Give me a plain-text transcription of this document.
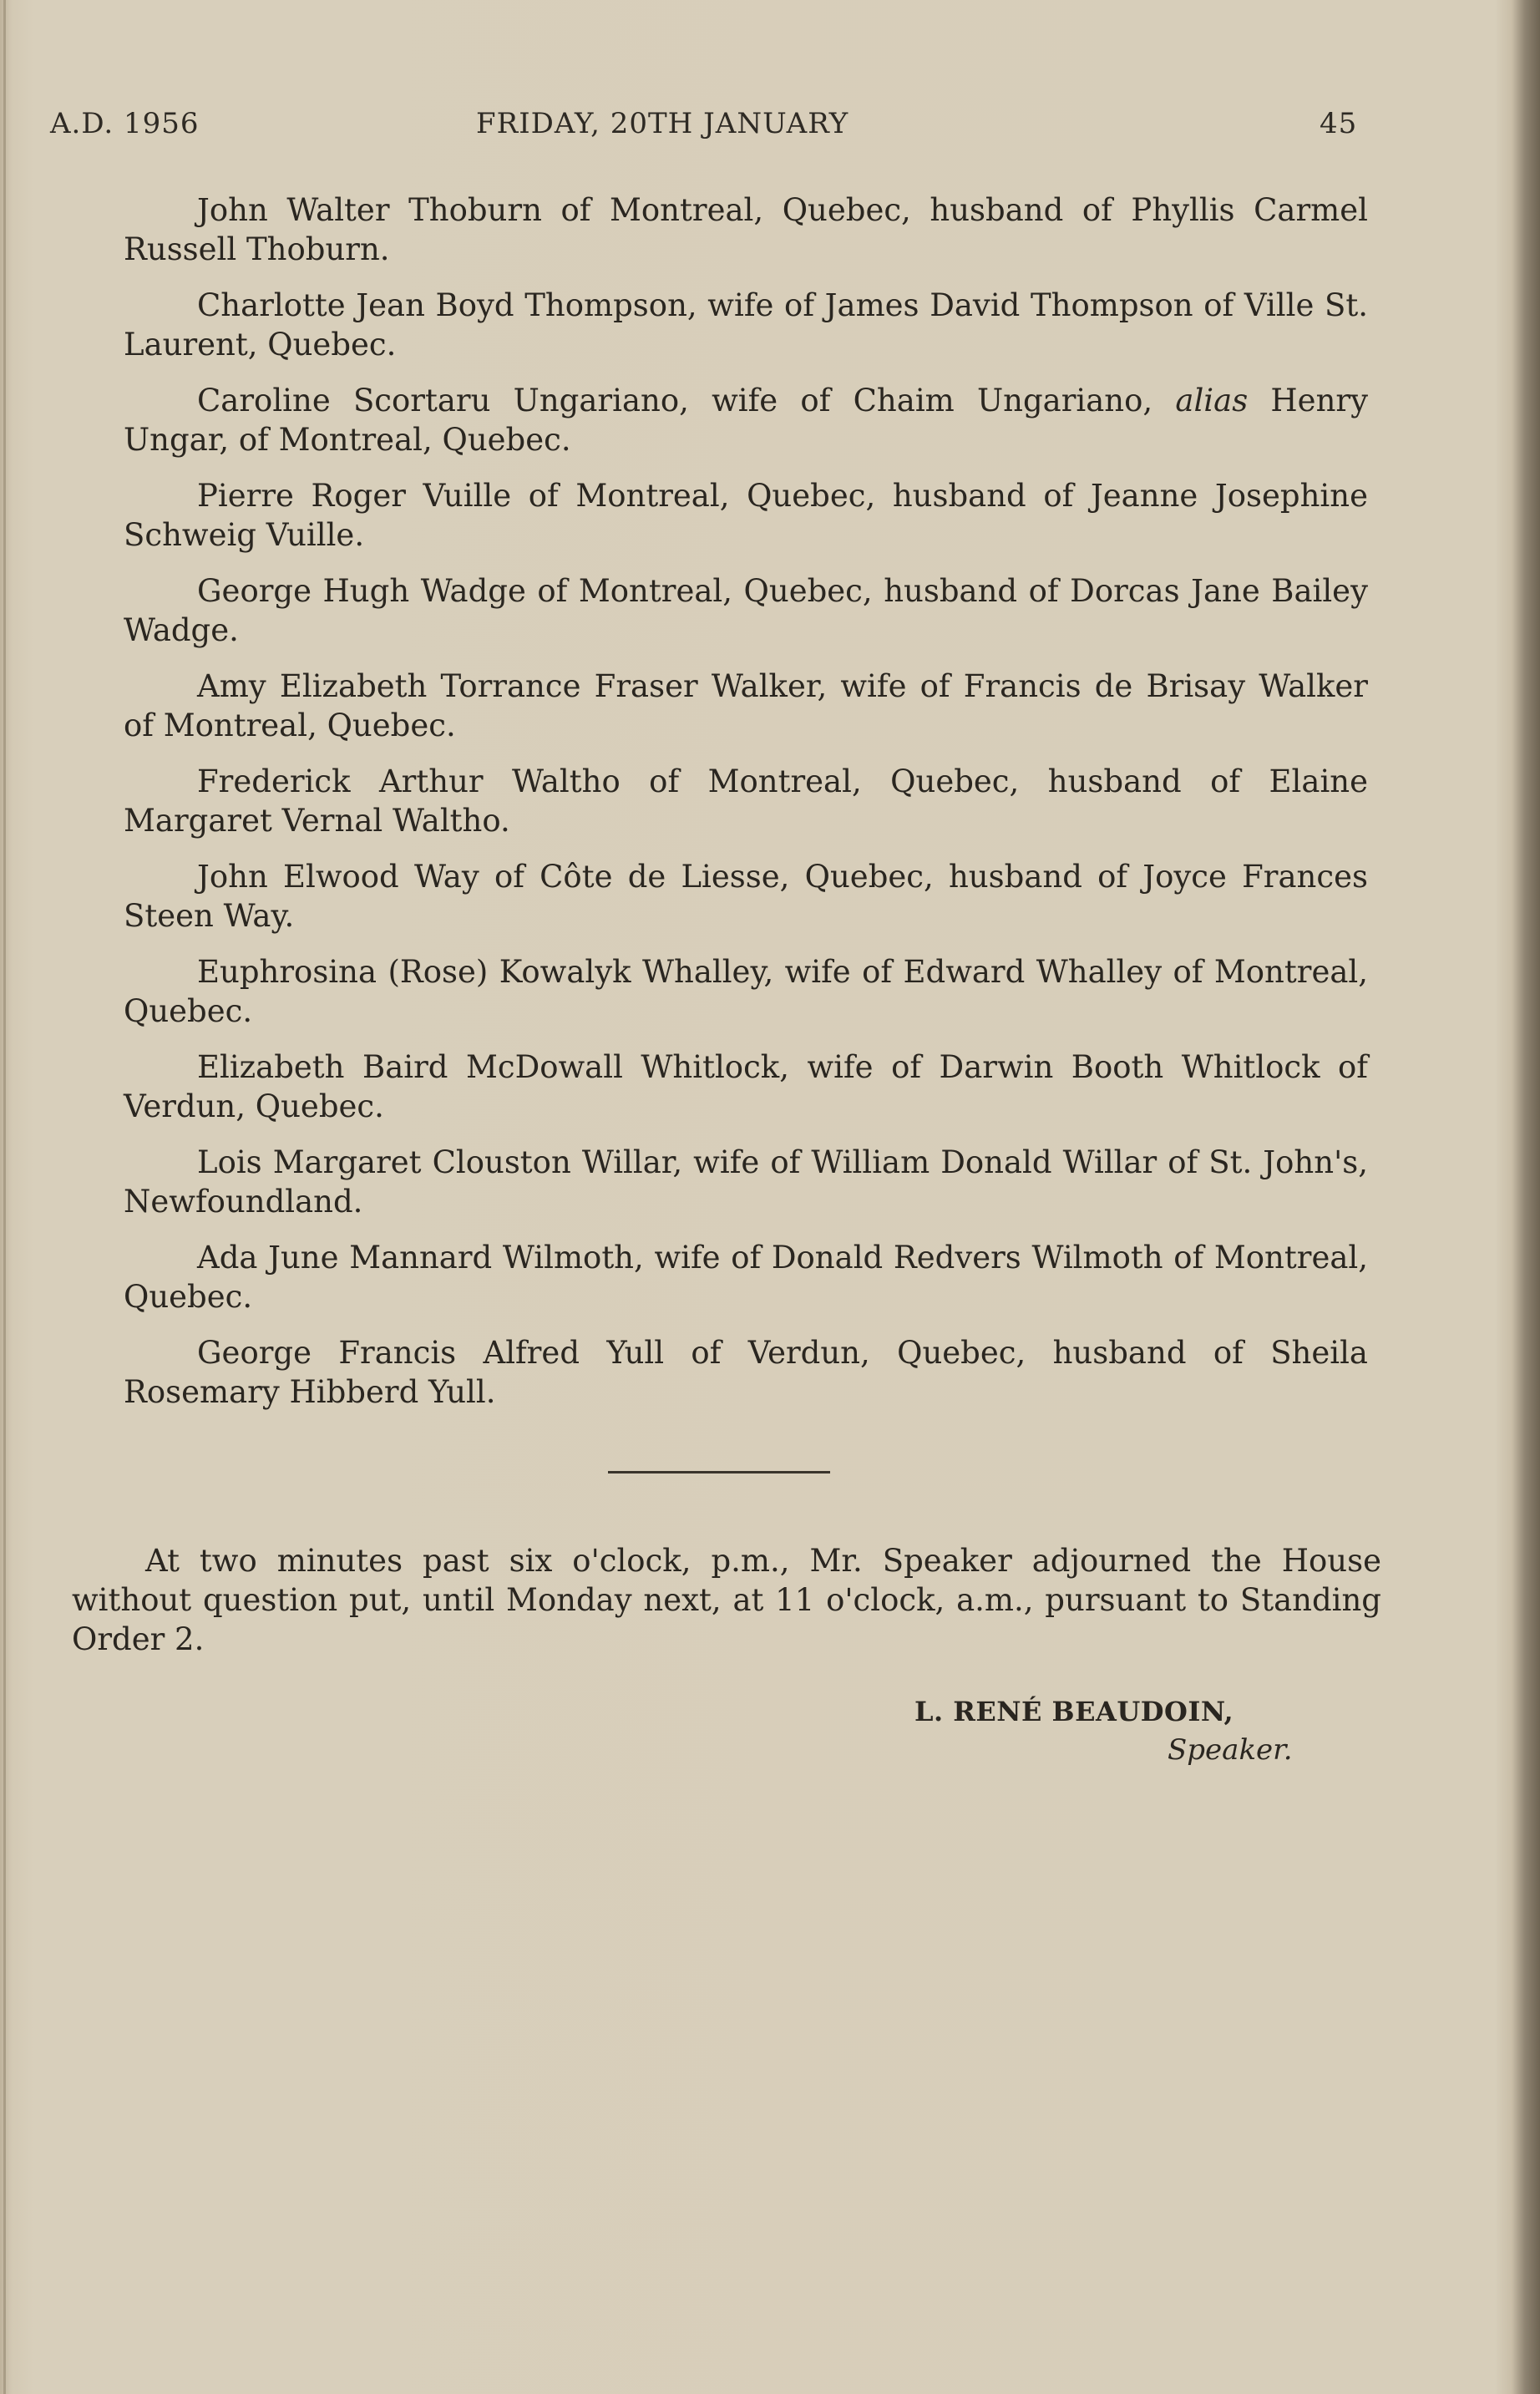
A.D. 1956	FRIDAY, 20TH JANUARY	45

John Walter Thoburn of Montreal, Quebec, husband of Phyllis Carmel Russell Thoburn.

Charlotte Jean Boyd Thompson, wife of James David Thompson of Ville St. Laurent, Quebec.

Caroline Scortaru Ungariano, wife of Chaim Ungariano, alias Henry Ungar, of Montreal, Quebec.

Pierre Roger Vuille of Montreal, Quebec, husband of Jeanne Josephine Schweig Vuille.

George Hugh Wadge of Montreal, Quebec, husband of Dorcas Jane Bailey Wadge.

Amy Elizabeth Torrance Fraser Walker, wife of Francis de Brisay Walker of Montreal, Quebec.

Frederick Arthur Waltho of Montreal, Quebec, husband of Elaine Margaret Vernal Waltho.

John Elwood Way of Côte de Liesse, Quebec, husband of Joyce Frances Steen Way.

Euphrosina (Rose) Kowalyk Whalley, wife of Edward Whalley of Montreal, Quebec.

Elizabeth Baird McDowall Whitlock, wife of Darwin Booth Whitlock of Verdun, Quebec.

Lois Margaret Clouston Willar, wife of William Donald Willar of St. John's, Newfoundland.

Ada June Mannard Wilmoth, wife of Donald Redvers Wilmoth of Montreal, Quebec.

George Francis Alfred Yull of Verdun, Quebec, husband of Sheila Rosemary Hibberd Yull.

At two minutes past six o'clock, p.m., Mr. Speaker adjourned the House without question put, until Monday next, at 11 o'clock, a.m., pursuant to Standing Order 2.

L. RENÉ BEAUDOIN,
Speaker.
